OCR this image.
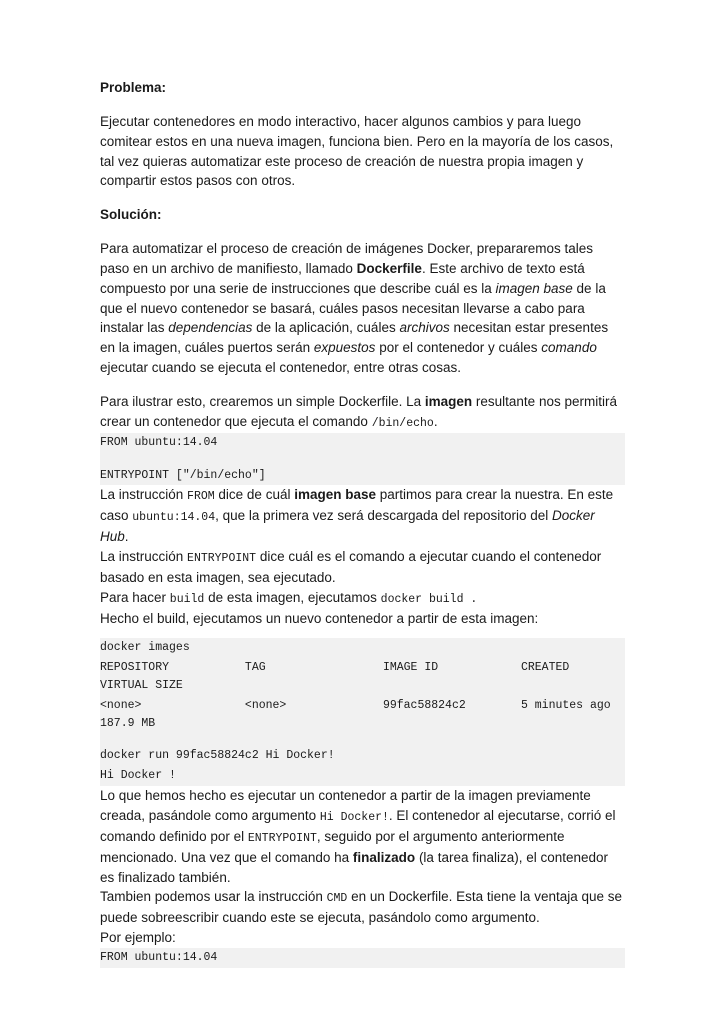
Problema:

Ejecutar contenedores en modo interactivo, hacer algunos cambios y para luego comitear estos en una nueva imagen, funciona bien. Pero en la mayoría de los casos, tal vez quieras automatizar este proceso de creación de nuestra propia imagen y compartir estos pasos con otros.

Solución:

Para automatizar el proceso de creación de imágenes Docker, prepararemos tales paso en un archivo de manifiesto, llamado Dockerfile. Este archivo de texto está compuesto por una serie de instrucciones que describe cuál es la imagen base de la que el nuevo contenedor se basará, cuáles pasos necesitan llevarse a cabo para instalar las dependencias de la aplicación, cuáles archivos necesitan estar presentes en la imagen, cuáles puertos serán expuestos por el contenedor y cuáles comando ejecutar cuando se ejecuta el contenedor, entre otras cosas.

Para ilustrar esto, crearemos un simple Dockerfile. La imagen resultante nos permitirá crear un contenedor que ejecuta el comando /bin/echo.

FROM ubuntu:14.04
ENTRYPOINT ["/bin/echo"]

La instrucción FROM dice de cuál imagen base partimos para crear la nuestra. En este caso ubuntu:14.04, que la primera vez será descargada del repositorio del Docker Hub.

La instrucción ENTRYPOINT dice cuál es el comando a ejecutar cuando el contenedor basado en esta imagen, sea ejecutado.

Para hacer build de esta imagen, ejecutamos docker build .

Hecho el build, ejecutamos un nuevo contenedor a partir de esta imagen:

docker images
REPOSITORY           TAG                 IMAGE ID            CREATED             VIRTUAL SIZE
<none>               <none>              99fac58824c2        5 minutes ago       187.9 MB
docker run 99fac58824c2 Hi Docker!
Hi Docker !

Lo que hemos hecho es ejecutar un contenedor a partir de la imagen previamente creada, pasándole como argumento Hi Docker!. El contenedor al ejecutarse, corrió el comando definido por el ENTRYPOINT, seguido por el argumento anteriormente mencionado. Una vez que el comando ha finalizado (la tarea finaliza), el contenedor es finalizado también.

Tambien podemos usar la instrucción CMD en un Dockerfile. Esta tiene la ventaja que se puede sobreescribir cuando este se ejecuta, pasándolo como argumento.

Por ejemplo:

FROM ubuntu:14.04
